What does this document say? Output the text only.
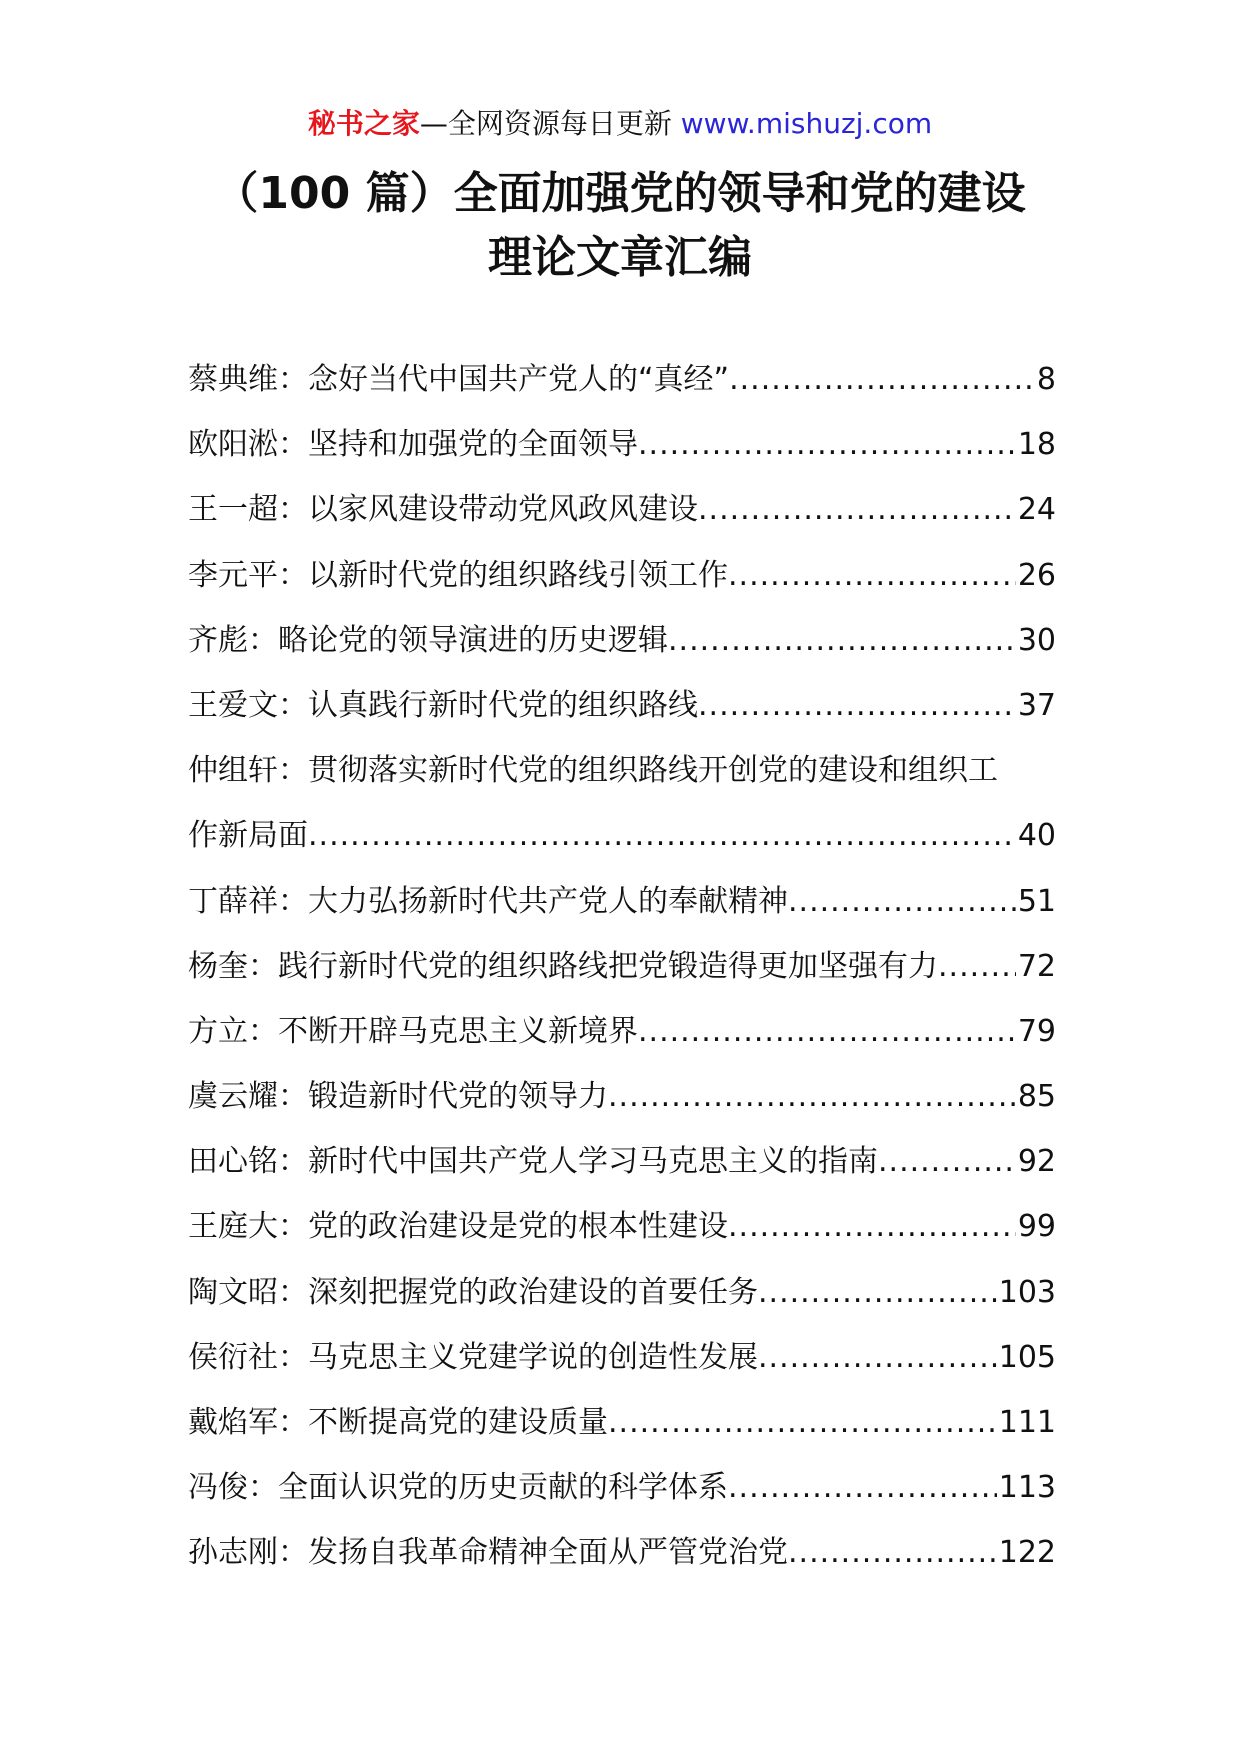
秘书之家—全网资源每日更新 www.mishuzj.com
（100 篇）全面加强党的领导和党的建设
理论文章汇编
蔡典维：念好当代中国共产党人的“真经” .....	8
欧阳淞：坚持和加强党的全面领导 .....	18
王一超：以家风建设带动党风政风建设 .....	24
李元平：以新时代党的组织路线引领工作 .....	26
齐彪：略论党的领导演进的历史逻辑 .....	30
王爱文：认真践行新时代党的组织路线 .....	37
仲组轩：贯彻落实新时代党的组织路线开创党的建设和组织工
作新局面 .....	40
丁薛祥：大力弘扬新时代共产党人的奉献精神 .....	51
杨奎：践行新时代党的组织路线把党锻造得更加坚强有力 .....	72
方立：不断开辟马克思主义新境界 .....	79
虞云耀：锻造新时代党的领导力 .....	85
田心铭：新时代中国共产党人学习马克思主义的指南 .....	92
王庭大：党的政治建设是党的根本性建设 .....	99
陶文昭：深刻把握党的政治建设的首要任务 .....	103
侯衍社：马克思主义党建学说的创造性发展 .....	105
戴焰军：不断提高党的建设质量 .....	111
冯俊：全面认识党的历史贡献的科学体系 .....	113
孙志刚：发扬自我革命精神全面从严管党治党 .....	122
